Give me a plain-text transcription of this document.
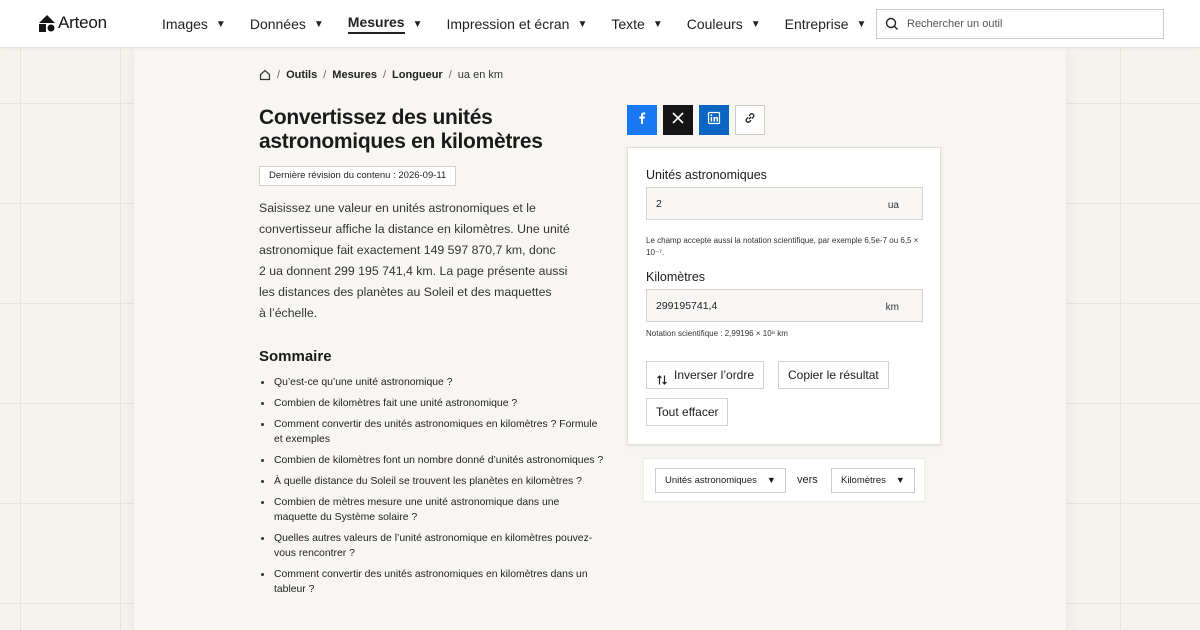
Arteon	Images ▼ Données ▼ Mesures ▼ Impression et écran ▼ Texte ▼ Couleurs ▼ Entreprise ▼
Rechercher un outil
/ Outils / Mesures / Longueur / ua en km
Convertissez des unités astronomiques en kilomètres
Dernière révision du contenu : 2026-09-11
Saisissez une valeur en unités astronomiques et le
convertisseur affiche la distance en kilomètres. Une unité
astronomique fait exactement 149 597 870,7 km, donc
2 ua donnent 299 195 741,4 km. La page présente aussi
les distances des planètes au Soleil et des maquettes
à l’échelle.
Sommaire
Qu’est-ce qu’une unité astronomique ?
Combien de kilomètres fait une unité astronomique ?
Comment convertir des unités astronomiques en kilomètres ? Formule et exemples
Combien de kilomètres font un nombre donné d’unités astronomiques ?
À quelle distance du Soleil se trouvent les planètes en kilomètres ?
Combien de mètres mesure une unité astronomique dans une maquette du Système solaire ?
Quelles autres valeurs de l’unité astronomique en kilomètres pouvez-vous rencontrer ?
Comment convertir des unités astronomiques en kilomètres dans un tableur ?
Unités astronomiques
2
ua
Le champ accepte aussi la notation scientifique, par exemple 6,5e-7 ou 6,5 × 10⁻⁷.
Kilomètres
299195741,4
km
Notation scientifique : 2,99196 × 10⁸ km
Inverser l’ordre	Copier le résultat
Tout effacer
Unités astronomiques ▼ vers Kilomètres ▼
